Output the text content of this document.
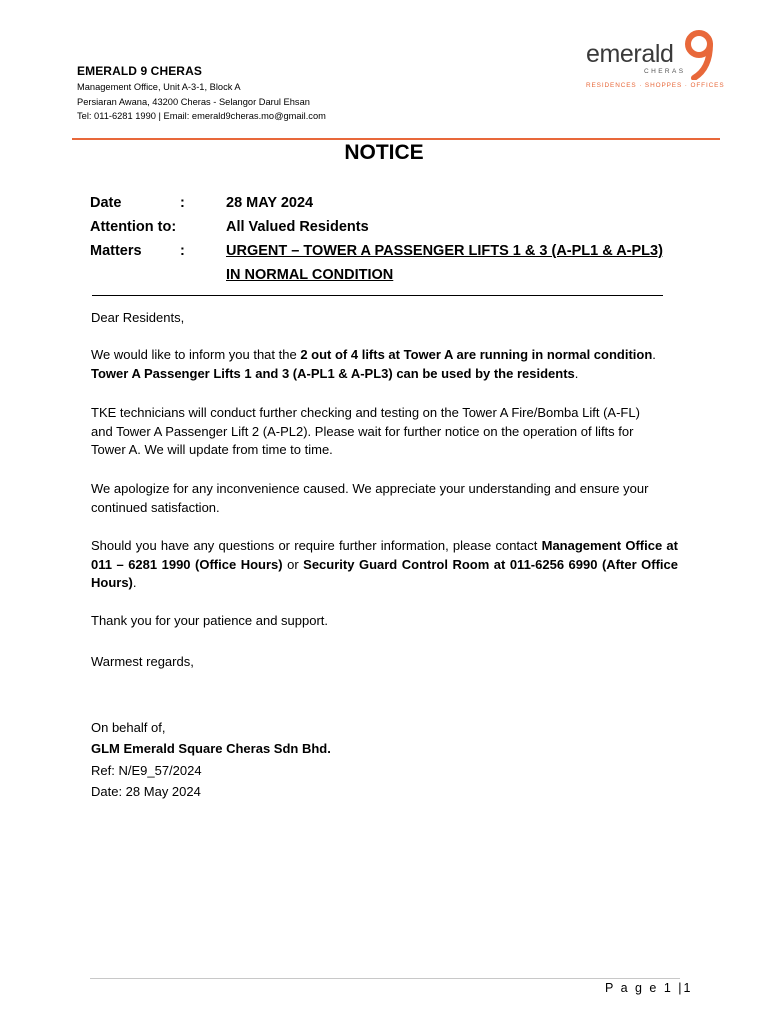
EMERALD 9 CHERAS
Management Office, Unit A-3-1, Block A
Persiaran Awana, 43200 Cheras - Selangor Darul Ehsan
Tel: 011-6281 1990 | Email: emerald9cheras.mo@gmail.com
emerald
CHERAS
RESIDENCES · SHOPPES · OFFICES
NOTICE
Date	:	28 MAY 2024
Attention to:	All Valued Residents
Matters	:	URGENT – TOWER A PASSENGER LIFTS 1 & 3 (A-PL1 & A-PL3)
IN NORMAL CONDITION
Dear Residents,
We would like to inform you that the 2 out of 4 lifts at Tower A are running in normal condition.
Tower A Passenger Lifts 1 and 3 (A-PL1 & A-PL3) can be used by the residents.
TKE technicians will conduct further checking and testing on the Tower A Fire/Bomba Lift (A-FL)
and Tower A Passenger Lift 2 (A-PL2). Please wait for further notice on the operation of lifts for
Tower A. We will update from time to time.
We apologize for any inconvenience caused. We appreciate your understanding and ensure your
continued satisfaction.
Should you have any questions or require further information, please contact Management Office at 011 – 6281 1990 (Office Hours) or Security Guard Control Room at 011-6256 6990 (After Office Hours).
Thank you for your patience and support.
Warmest regards,
On behalf of,
GLM Emerald Square Cheras Sdn Bhd.
Ref: N/E9_57/2024
Date: 28 May 2024
P a g e 1 |1
